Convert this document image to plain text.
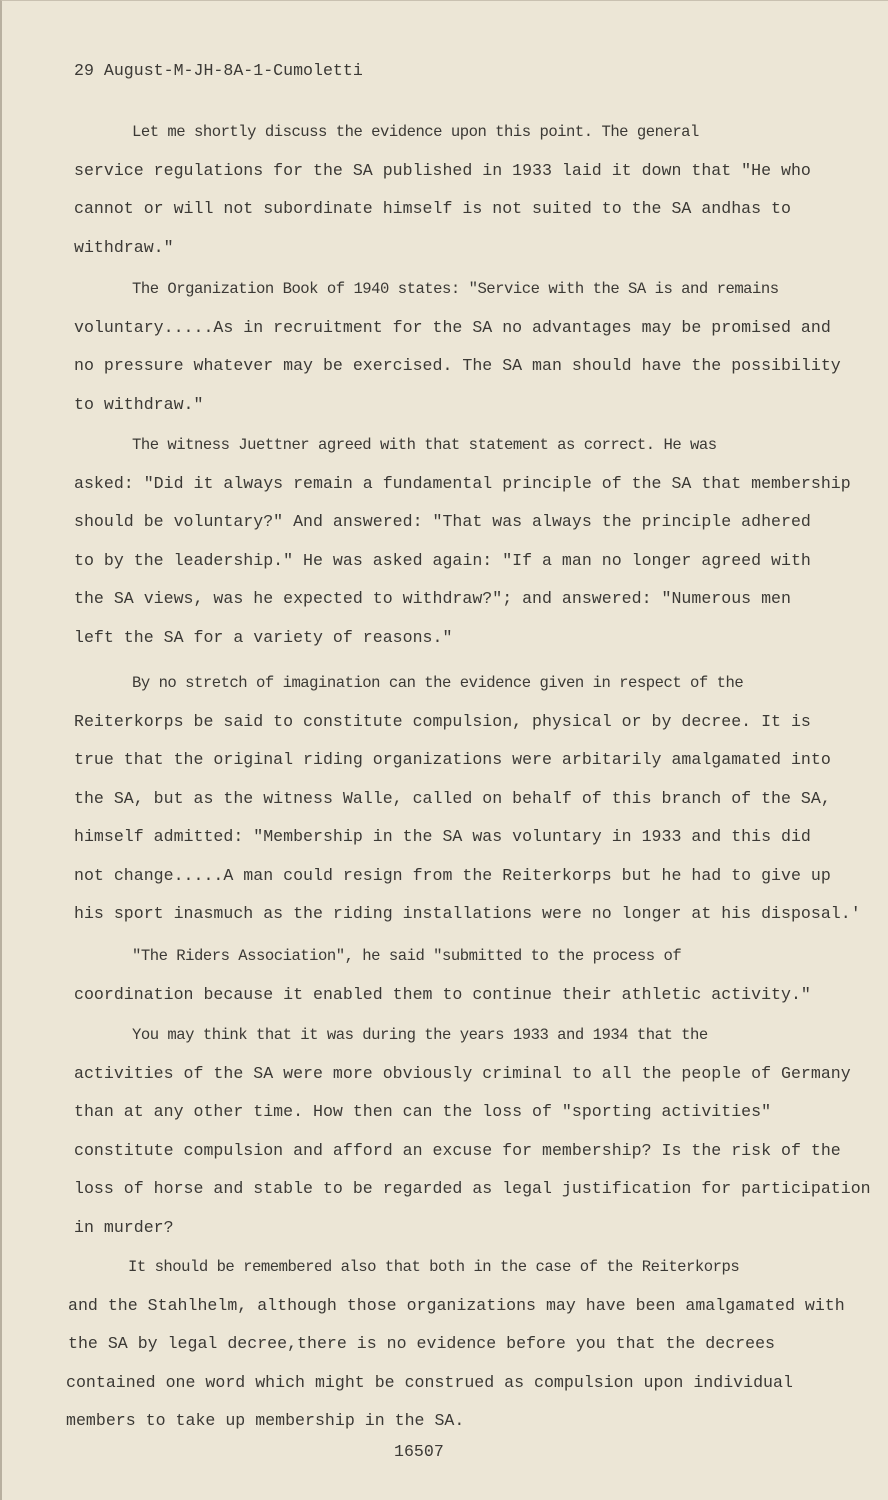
29 August-M-JH-8A-1-Cumoletti
Let me shortly discuss the evidence upon this point. The general
service regulations for the SA published in 1933 laid it down that "He who
cannot or will not subordinate himself is not suited to the SA andhas to
withdraw."
The Organization Book of 1940 states: "Service with the SA is and remains
voluntary.....As in recruitment for the SA no advantages may be promised and
no pressure whatever may be exercised. The SA man should have the possibility
to withdraw."
The witness Juettner agreed with that statement as correct. He was
asked: "Did it always remain a fundamental principle of the SA that membership
should be voluntary?" And answered: "That was always the principle adhered
to by the leadership." He was asked again: "If a man no longer agreed with
the SA views, was he expected to withdraw?"; and answered: "Numerous men
left the SA for a variety of reasons."
By no stretch of imagination can the evidence given in respect of the
Reiterkorps be said to constitute compulsion, physical or by decree. It is
true that the original riding organizations were arbitarily amalgamated into
the SA, but as the witness Walle, called on behalf of this branch of the SA,
himself admitted: "Membership in the SA was voluntary in 1933 and this did
not change.....A man could resign from the Reiterkorps but he had to give up
his sport inasmuch as the riding installations were no longer at his disposal.'
"The Riders Association", he said "submitted to the process of
coordination because it enabled them to continue their athletic activity."
You may think that it was during the years 1933 and 1934 that the
activities of the SA were more obviously criminal to all the people of Germany
than at any other time. How then can the loss of "sporting activities"
constitute compulsion and afford an excuse for membership? Is the risk of the
loss of horse and stable to be regarded as legal justification for participation
in murder?
It should be remembered also that both in the case of the Reiterkorps
and the Stahlhelm, although those organizations may have been amalgamated with
the SA by legal decree,there is no evidence before you that the decrees
contained one word which might be construed as compulsion upon individual
members to take up membership in the SA.
16507
